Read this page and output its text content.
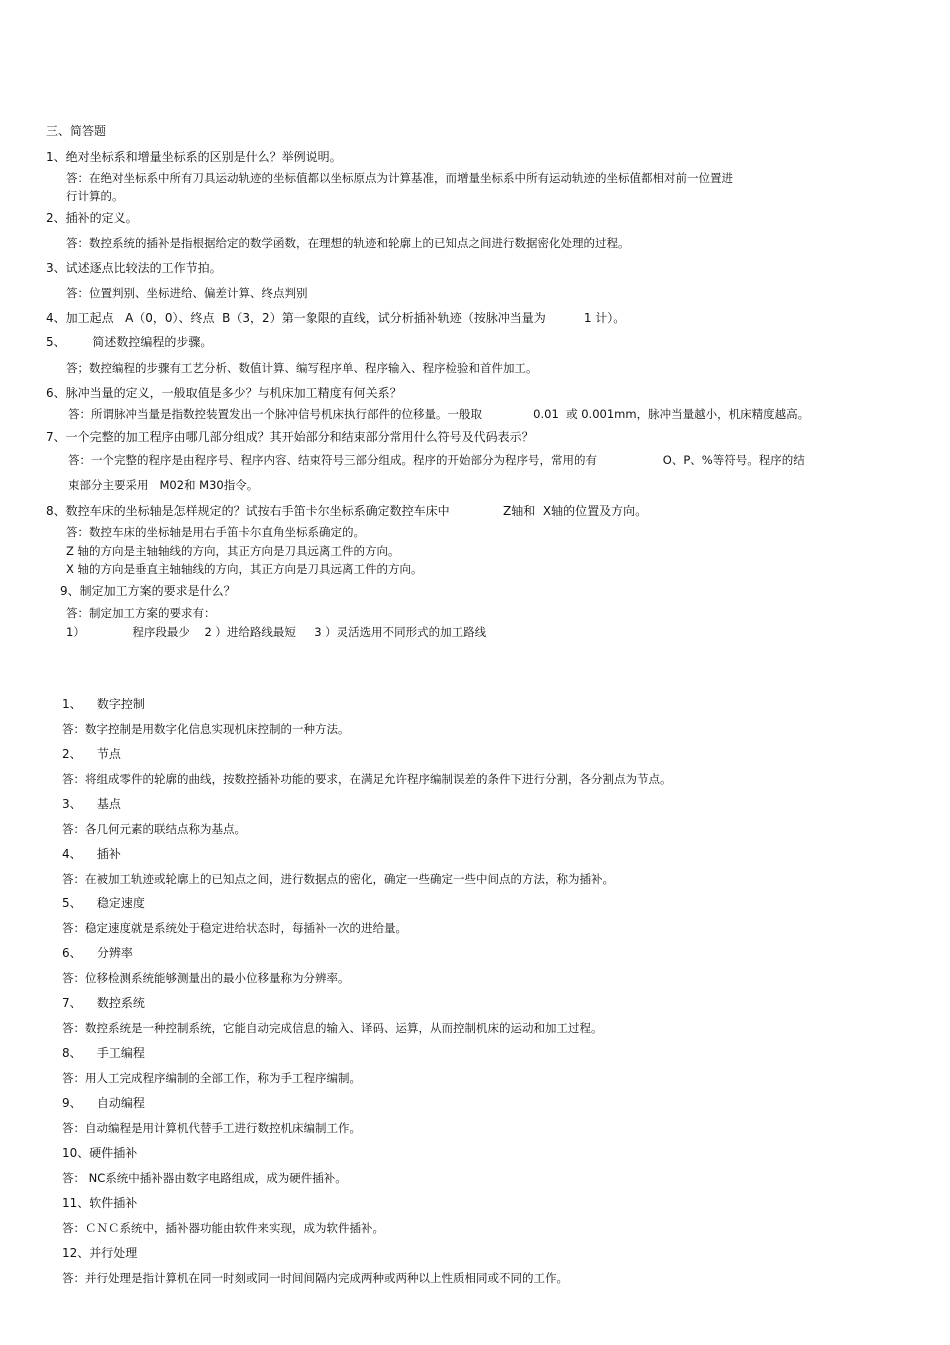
三、简答题
1、绝对坐标系和增量坐标系的区别是什么？举例说明。
答：在绝对坐标系中所有刀具运动轨迹的坐标值都以坐标原点为计算基准，而增量坐标系中所有运动轨迹的坐标值都相对前一位置进
行计算的。
2、插补的定义。
答：数控系统的插补是指根据给定的数学函数，在理想的轨迹和轮廓上的已知点之间进行数据密化处理的过程。
3、试述逐点比较法的工作节拍。
答：位置判别、坐标进给、偏差计算、终点判别
4、加工起点   A（0，0）、终点  B（3，2）第一象限的直线，试分析插补轨迹（按脉冲当量为          1 计）。
5、       简述数控编程的步骤。
答；数控编程的步骤有工艺分析、数值计算、编写程序单、程序输入、程序检验和首件加工。
6、脉冲当量的定义，一般取值是多少？与机床加工精度有何关系？
答：所谓脉冲当量是指数控装置发出一个脉冲信号机床执行部件的位移量。一般取              0.01  或 0.001mm，脉冲当量越小，机床精度越高。
7、一个完整的加工程序由哪几部分组成？其开始部分和结束部分常用什么符号及代码表示？
答：一个完整的程序是由程序号、程序内容、结束符号三部分组成。程序的开始部分为程序号，常用的有                  O、P、%等符号。程序的结
束部分主要采用   M02和 M30指令。
8、数控车床的坐标轴是怎样规定的？试按右手笛卡尔坐标系确定数控车床中              Z轴和  X轴的位置及方向。
答：数控车床的坐标轴是用右手笛卡尔直角坐标系确定的。
Z 轴的方向是主轴轴线的方向，其正方向是刀具远离工件的方向。
X 轴的方向是垂直主轴轴线的方向，其正方向是刀具远离工件的方向。
9、制定加工方案的要求是什么？
答：制定加工方案的要求有：
1）             程序段最少    2 ）进给路线最短     3 ）灵活选用不同形式的加工路线
1、    数字控制
答：数字控制是用数字化信息实现机床控制的一种方法。
2、    节点
答：将组成零件的轮廓的曲线，按数控插补功能的要求，在满足允许程序编制误差的条件下进行分割，各分割点为节点。
3、    基点
答：各几何元素的联结点称为基点。
4、    插补
答：在被加工轨迹或轮廓上的已知点之间，进行数据点的密化，确定一些确定一些中间点的方法，称为插补。
5、    稳定速度
答：稳定速度就是系统处于稳定进给状态时，每插补一次的进给量。
6、    分辨率
答：位移检测系统能够测量出的最小位移量称为分辨率。
7、    数控系统
答：数控系统是一种控制系统，它能自动完成信息的输入、译码、运算，从而控制机床的运动和加工过程。
8、    手工编程
答：用人工完成程序编制的全部工作，称为手工程序编制。
9、    自动编程
答：自动编程是用计算机代替手工进行数控机床编制工作。
10、硬件插补
答： NC系统中插补器由数字电路组成，成为硬件插补。
11、软件插补
答：ＣＮＣ系统中，插补器功能由软件来实现，成为软件插补。
12、并行处理
答：并行处理是指计算机在同一时刻或同一时间间隔内完成两种或两种以上性质相同或不同的工作。
